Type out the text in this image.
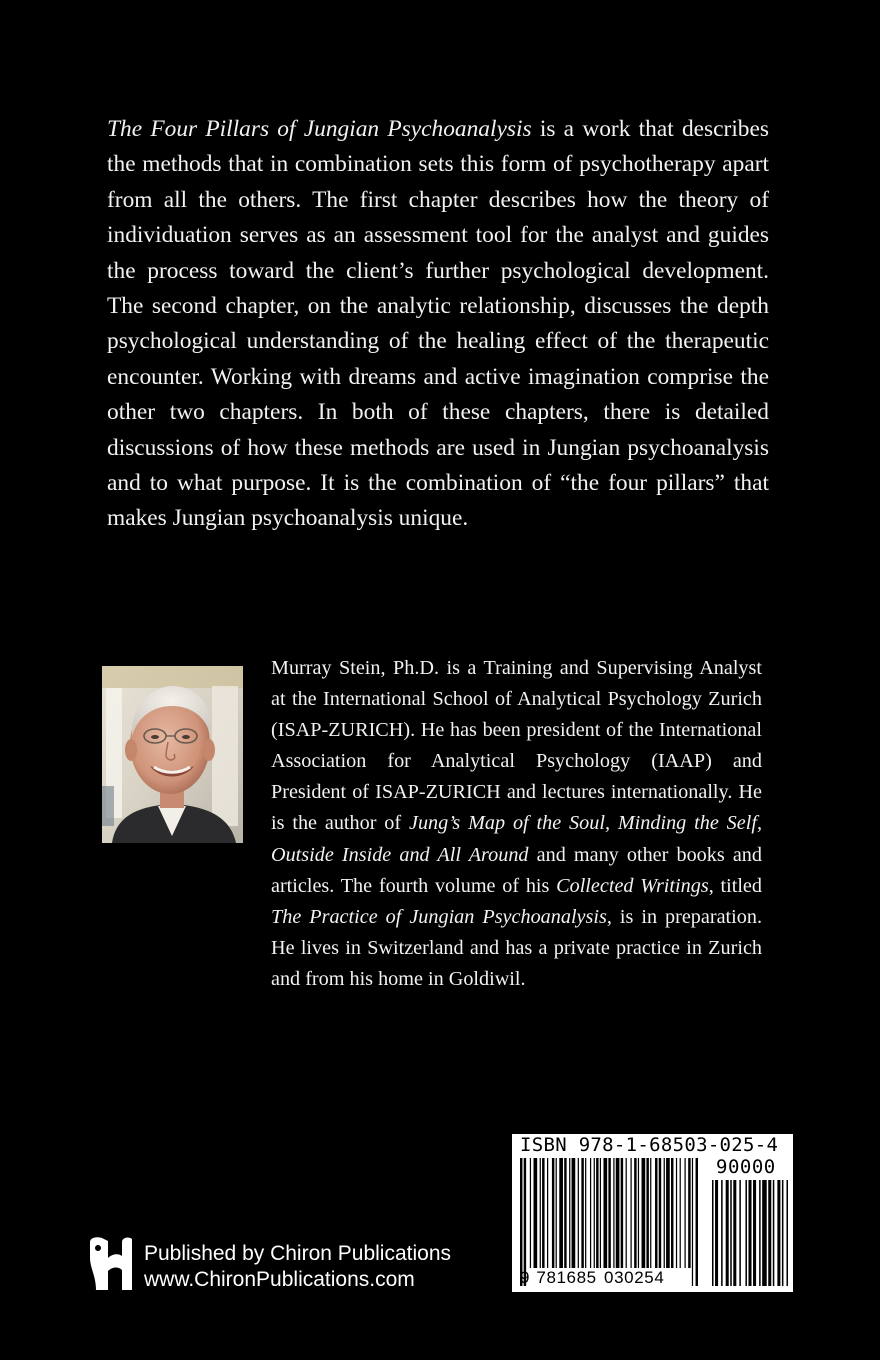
The Four Pillars of Jungian Psychoanalysis is a work that describes the methods that in combination sets this form of psychotherapy apart from all the others. The first chapter describes how the theory of individuation serves as an assessment tool for the analyst and guides the process toward the client’s further psychological development. The second chapter, on the analytic relationship, discusses the depth psychological understanding of the healing effect of the therapeutic encounter. Working with dreams and active imagination comprise the other two chapters. In both of these chapters, there is detailed discussions of how these methods are used in Jungian psychoanalysis and to what purpose. It is the combination of “the four pillars” that makes Jungian psychoanalysis unique.

Murray Stein, Ph.D. is a Training and Supervising Analyst at the International School of Analytical Psychology Zurich (ISAP-ZURICH). He has been president of the International Association for Analytical Psychology (IAAP) and President of ISAP-ZURICH and lectures internationally. He is the author of Jung’s Map of the Soul, Minding the Self, Outside Inside and All Around and many other books and articles. The fourth volume of his Collected Writings, titled The Practice of Jungian Psychoanalysis, is in preparation. He lives in Switzerland and has a private practice in Zurich and from his home in Goldiwil.

Published by Chiron Publications
www.ChironPublications.com
ISBN 978-1-68503-025-4
90000
9 781685 030254
